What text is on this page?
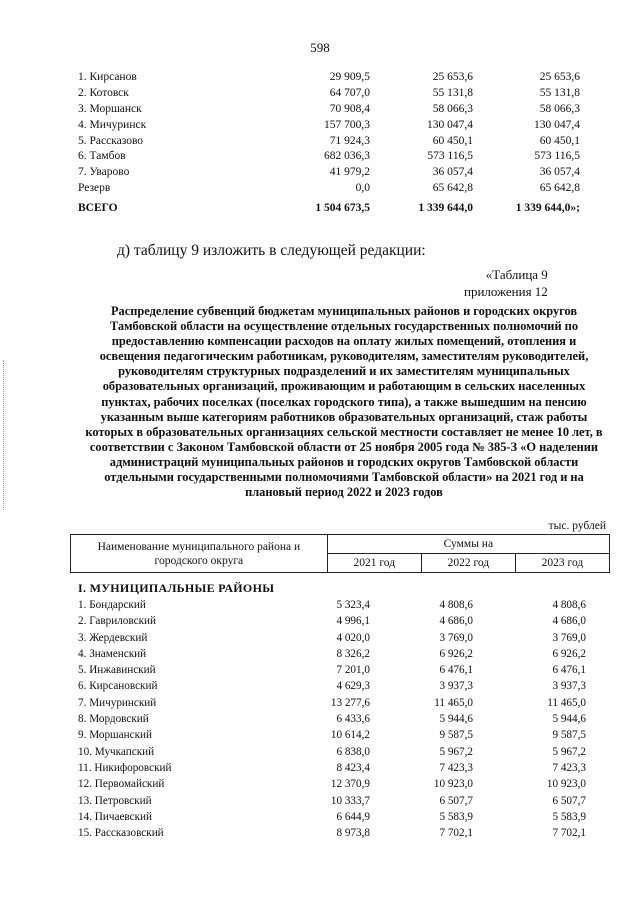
598
1. Кирсанов	29 909,5	25 653,6	25 653,6
2. Котовск	64 707,0	55 131,8	55 131,8
3. Моршанск	70 908,4	58 066,3	58 066,3
4. Мичуринск	157 700,3	130 047,4	130 047,4
5. Рассказово	71 924,3	60 450,1	60 450,1
6. Тамбов	682 036,3	573 116,5	573 116,5
7. Уварово	41 979,2	36 057,4	36 057,4
Резерв	0,0	65 642,8	65 642,8
ВСЕГО	1 504 673,5	1 339 644,0	1 339 644,0»;
д) таблицу 9 изложить в следующей редакции:
«Таблица 9
приложения 12
Распределение субвенций бюджетам муниципальных районов и городских округов Тамбовской области на осуществление отдельных государственных полномочий по предоставлению компенсации расходов на оплату жилых помещений, отопления и освещения педагогическим работникам, руководителям, заместителям руководителей, руководителям структурных подразделений и их заместителям муниципальных образовательных организаций, проживающим и работающим в сельских населенных пунктах, рабочих поселках (поселках городского типа), а также вышедшим на пенсию указанным выше категориям работников образовательных организаций, стаж работы которых в образовательных организациях сельской местности составляет не менее 10 лет, в соответствии с Законом Тамбовской области от 25 ноября 2005 года № 385-З «О наделении администраций муниципальных районов и городских округов Тамбовской области отдельными государственными полномочиями Тамбовской области» на 2021 год и на плановый период 2022 и 2023 годов
тыс. рублей
Наименование муниципального района и городского округа	Суммы на		
	2021 год	2022 год	2023 год
I. МУНИЦИПАЛЬНЫЕ РАЙОНЫ
1. Бондарский	5 323,4	4 808,6	4 808,6
2. Гавриловский	4 996,1	4 686,0	4 686,0
3. Жердевский	4 020,0	3 769,0	3 769,0
4. Знаменский	8 326,2	6 926,2	6 926,2
5. Инжавинский	7 201,0	6 476,1	6 476,1
6. Кирсановский	4 629,3	3 937,3	3 937,3
7. Мичуринский	13 277,6	11 465,0	11 465,0
8. Мордовский	6 433,6	5 944,6	5 944,6
9. Моршанский	10 614,2	9 587,5	9 587,5
10. Мучкапский	6 838,0	5 967,2	5 967,2
11. Никифоровский	8 423,4	7 423,3	7 423,3
12. Первомайский	12 370,9	10 923,0	10 923,0
13. Петровский	10 333,7	6 507,7	6 507,7
14. Пичаевский	6 644,9	5 583,9	5 583,9
15. Рассказовский	8 973,8	7 702,1	7 702,1
